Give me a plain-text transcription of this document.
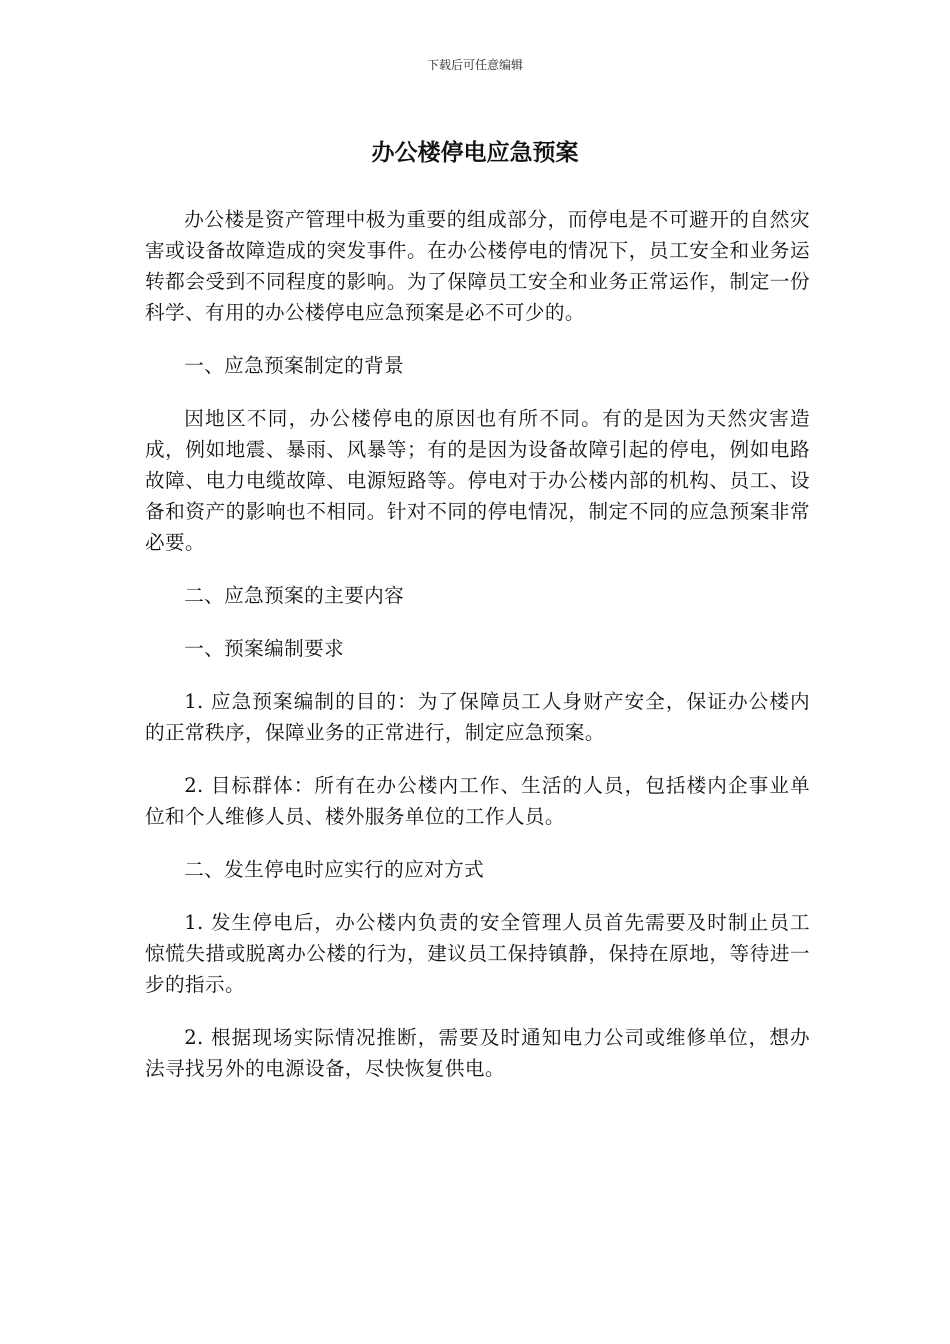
下载后可任意编辑
办公楼停电应急预案

办公楼是资产管理中极为重要的组成部分，而停电是不可避开的自然灾害或设备故障造成的突发事件。在办公楼停电的情况下，员工安全和业务运转都会受到不同程度的影响。为了保障员工安全和业务正常运作，制定一份科学、有用的办公楼停电应急预案是必不可少的。

一、应急预案制定的背景

因地区不同，办公楼停电的原因也有所不同。有的是因为天然灾害造成，例如地震、暴雨、风暴等；有的是因为设备故障引起的停电，例如电路故障、电力电缆故障、电源短路等。停电对于办公楼内部的机构、员工、设备和资产的影响也不相同。针对不同的停电情况，制定不同的应急预案非常必要。

二、应急预案的主要内容

一、预案编制要求

1. 应急预案编制的目的：为了保障员工人身财产安全，保证办公楼内的正常秩序，保障业务的正常进行，制定应急预案。

2. 目标群体：所有在办公楼内工作、生活的人员，包括楼内企事业单位和个人维修人员、楼外服务单位的工作人员。

二、发生停电时应实行的应对方式

1. 发生停电后，办公楼内负责的安全管理人员首先需要及时制止员工惊慌失措或脱离办公楼的行为，建议员工保持镇静，保持在原地，等待进一步的指示。

2. 根据现场实际情况推断，需要及时通知电力公司或维修单位，想办法寻找另外的电源设备，尽快恢复供电。
